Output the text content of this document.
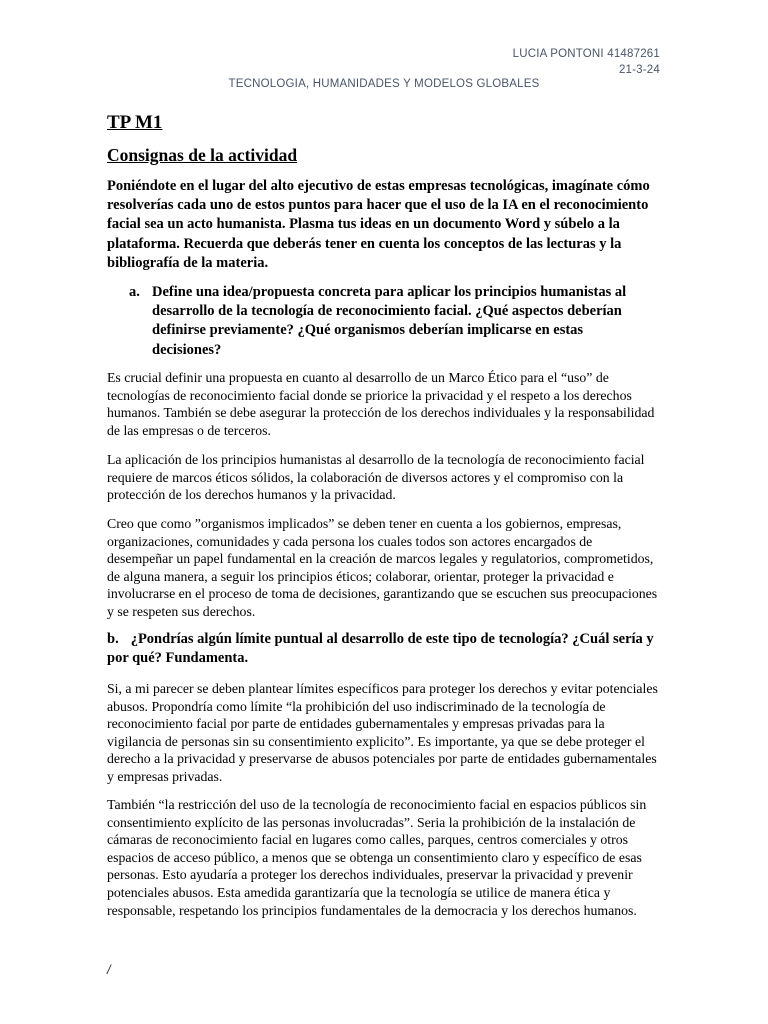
LUCIA PONTONI 41487261
21-3-24
TECNOLOGIA, HUMANIDADES Y MODELOS GLOBALES
TP M1
Consignas de la actividad

Poniéndote en el lugar del alto ejecutivo de estas empresas tecnológicas, imagínate cómo resolverías cada uno de estos puntos para hacer que el uso de la IA en el reconocimiento facial sea un acto humanista. Plasma tus ideas en un documento Word y súbelo a la plataforma. Recuerda que deberás tener en cuenta los conceptos de las lecturas y la bibliografía de la materia.

a. Define una idea/propuesta concreta para aplicar los principios humanistas al desarrollo de la tecnología de reconocimiento facial. ¿Qué aspectos deberían definirse previamente? ¿Qué organismos deberían implicarse en estas decisiones?

Es crucial definir una propuesta en cuanto al desarrollo de un Marco Ético para el “uso” de tecnologías de reconocimiento facial donde se priorice la privacidad y el respeto a los derechos humanos. También se debe asegurar la protección de los derechos individuales y la responsabilidad de las empresas o de terceros.

La aplicación de los principios humanistas al desarrollo de la tecnología de reconocimiento facial requiere de marcos éticos sólidos, la colaboración de diversos actores y el compromiso con la protección de los derechos humanos y la privacidad.

Creo que como ”organismos implicados” se deben tener en cuenta a los gobiernos, empresas, organizaciones, comunidades y cada persona los cuales todos son actores encargados de desempeñar un papel fundamental en la creación de marcos legales y regulatorios, comprometidos, de alguna manera, a seguir los principios éticos; colaborar, orientar, proteger la privacidad e involucrarse en el proceso de toma de decisiones, garantizando que se escuchen sus preocupaciones y se respeten sus derechos.

b. ¿Pondrías algún límite puntual al desarrollo de este tipo de tecnología? ¿Cuál sería y por qué? Fundamenta.

Si, a mi parecer se deben plantear límites específicos para proteger los derechos y evitar potenciales abusos. Propondría como límite “la prohibición del uso indiscriminado de la tecnología de reconocimiento facial por parte de entidades gubernamentales y empresas privadas para la vigilancia de personas sin su consentimiento explicito”. Es importante, ya que se debe proteger el derecho a la privacidad y preservarse de abusos potenciales por parte de entidades gubernamentales y empresas privadas.

También “la restricción del uso de la tecnología de reconocimiento facial en espacios públicos sin consentimiento explícito de las personas involucradas”. Seria la prohibición de la instalación de cámaras de reconocimiento facial en lugares como calles, parques, centros comerciales y otros espacios de acceso público, a menos que se obtenga un consentimiento claro y específico de esas personas. Esto ayudaría a proteger los derechos individuales, preservar la privacidad y prevenir potenciales abusos. Esta amedida garantizaría que la tecnología se utilice de manera ética y responsable, respetando los principios fundamentales de la democracia y los derechos humanos.

/
